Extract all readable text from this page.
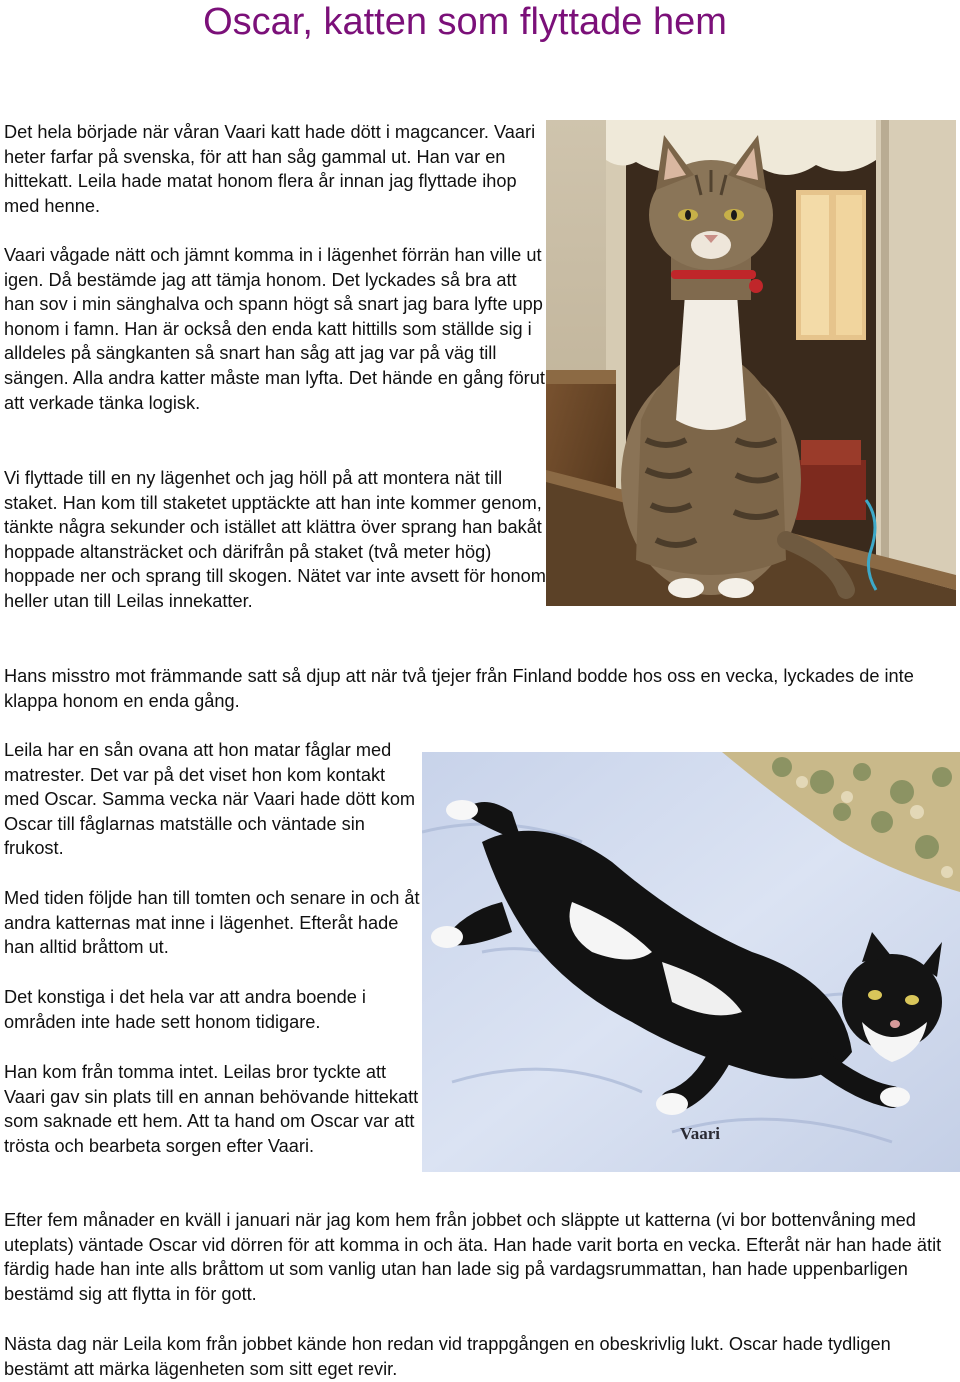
Oscar, katten som flyttade hem

Det hela började när våran Vaari katt hade dött i magcancer. Vaari heter farfar på svenska, för att han såg gammal ut. Han var en hittekatt. Leila hade matat honom flera år innan jag flyttade ihop med henne.

Vaari vågade nätt och jämnt komma in i lägenhet förrän han ville ut igen. Då bestämde jag att tämja honom. Det lyckades så bra att han sov i min sänghalva och spann högt så snart jag bara lyfte upp honom i famn. Han är också den enda katt hittills som ställde sig i alldeles på sängkanten så snart han såg att jag var på väg till sängen. Alla andra katter måste man lyfta. Det hände en gång förut att verkade tänka logisk.

Vi flyttade till en ny lägenhet och jag höll på att montera nät till staket. Han kom till staketet upptäckte att han inte kommer genom, tänkte några sekunder och istället att klättra över sprang han bakåt hoppade altansträcket och därifrån på staket (två meter hög) hoppade ner och sprang till skogen. Nätet var inte avsett för honom heller utan till Leilas innekatter.

Hans misstro mot främmande satt så djup att när två tjejer från Finland bodde hos oss en vecka, lyckades de inte klappa honom en enda gång.

Leila har en sån ovana att hon matar fåglar med matrester. Det var på det viset hon kom kontakt med Oscar. Samma vecka när Vaari hade dött kom Oscar till fåglarnas matställe och väntade sin frukost.

Med tiden följde han till tomten och senare in och åt andra katternas mat inne i lägenhet. Efteråt hade han alltid bråttom ut.

Det konstiga i det hela var att andra boende i områden inte hade sett honom tidigare.

Han kom från tomma intet. Leilas bror tyckte att Vaari gav sin plats till en annan behövande hittekatt som saknade ett hem. Att ta hand om Oscar var att trösta och bearbeta sorgen efter Vaari.

Efter fem månader en kväll i januari när jag kom hem från jobbet och släppte ut katterna (vi bor bottenvåning med uteplats) väntade Oscar vid dörren för att komma in och äta. Han hade varit borta en vecka. Efteråt när han hade ätit färdig hade han inte alls bråttom ut som vanlig utan han lade sig på vardagsrummattan, han hade uppenbarligen bestämd sig att flytta in för gott.

Nästa dag när Leila kom från jobbet kände hon redan vid trappgången en obeskrivlig lukt. Oscar hade tydligen bestämt att märka lägenheten som sitt eget revir.

Vaari
